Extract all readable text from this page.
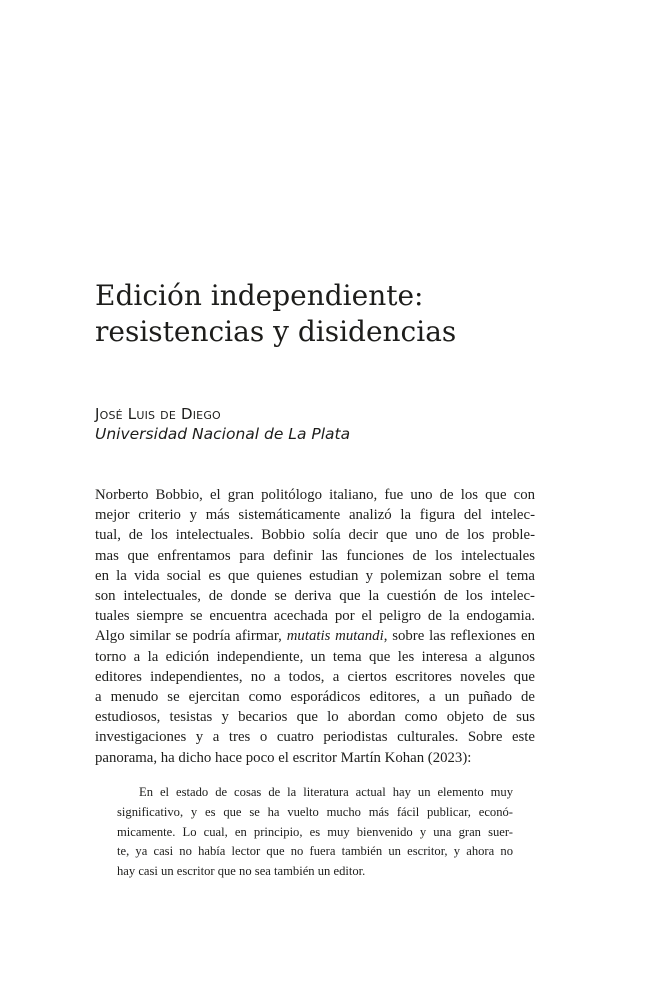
Edición independiente:
resistencias y disidencias
José Luis de Diego
Universidad Nacional de La Plata
Norberto Bobbio, el gran politólogo italiano, fue uno de los que con
mejor criterio y más sistemáticamente analizó la figura del intelec-
tual, de los intelectuales. Bobbio solía decir que uno de los proble-
mas que enfrentamos para definir las funciones de los intelectuales
en la vida social es que quienes estudian y polemizan sobre el tema
son intelectuales, de donde se deriva que la cuestión de los intelec-
tuales siempre se encuentra acechada por el peligro de la endogamia.
Algo similar se podría afirmar, mutatis mutandi, sobre las reflexiones en
torno a la edición independiente, un tema que les interesa a algunos
editores independientes, no a todos, a ciertos escritores noveles que
a menudo se ejercitan como esporádicos editores, a un puñado de
estudiosos, tesistas y becarios que lo abordan como objeto de sus
investigaciones y a tres o cuatro periodistas culturales. Sobre este
panorama, ha dicho hace poco el escritor Martín Kohan (2023):
En el estado de cosas de la literatura actual hay un elemento muy
significativo, y es que se ha vuelto mucho más fácil publicar, econó-
micamente. Lo cual, en principio, es muy bienvenido y una gran suer-
te, ya casi no había lector que no fuera también un escritor, y ahora no
hay casi un escritor que no sea también un editor.
